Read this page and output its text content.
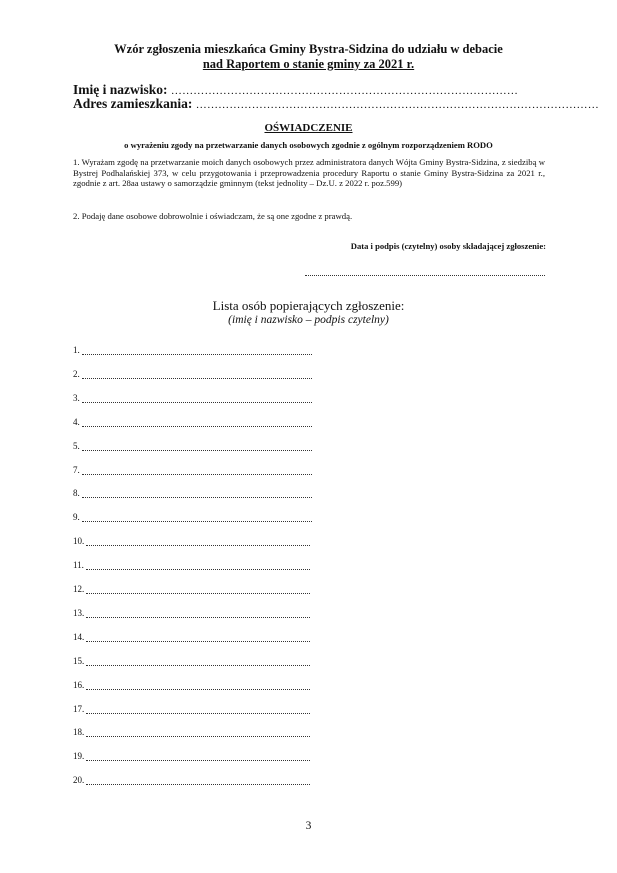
Wzór zgłoszenia mieszkańca Gminy Bystra-Sidzina do udziału w debacie
nad Raportem o stanie gminy za 2021 r.
Imię i nazwisko: …………………………………………………………………………………
Adres zamieszkania: ………………………………………………………………………………………………
OŚWIADCZENIE
o wyrażeniu zgody na przetwarzanie danych osobowych zgodnie z ogólnym rozporządzeniem RODO
1. Wyrażam zgodę na przetwarzanie moich danych osobowych przez administratora danych Wójta Gminy Bystra-Sidzina, z siedzibą w Bystrej Podhalańskiej 373, w celu przygotowania i przeprowadzenia procedury Raportu o stanie Gminy Bystra-Sidzina za 2021 r., zgodnie z art. 28aa ustawy o samorządzie gminnym (tekst jednolity – Dz.U. z 2022 r. poz.599)
2. Podaję dane osobowe dobrowolnie i oświadczam, że są one zgodne z prawdą.
Data i podpis (czytelny) osoby składającej zgłoszenie:
Lista osób popierających zgłoszenie:
(imię i nazwisko – podpis czytelny)
1.
2.
3.
4.
5.
7.
8.
9.
10.
11.
12.
13.
14.
15.
16.
17.
18.
19.
20.
3
